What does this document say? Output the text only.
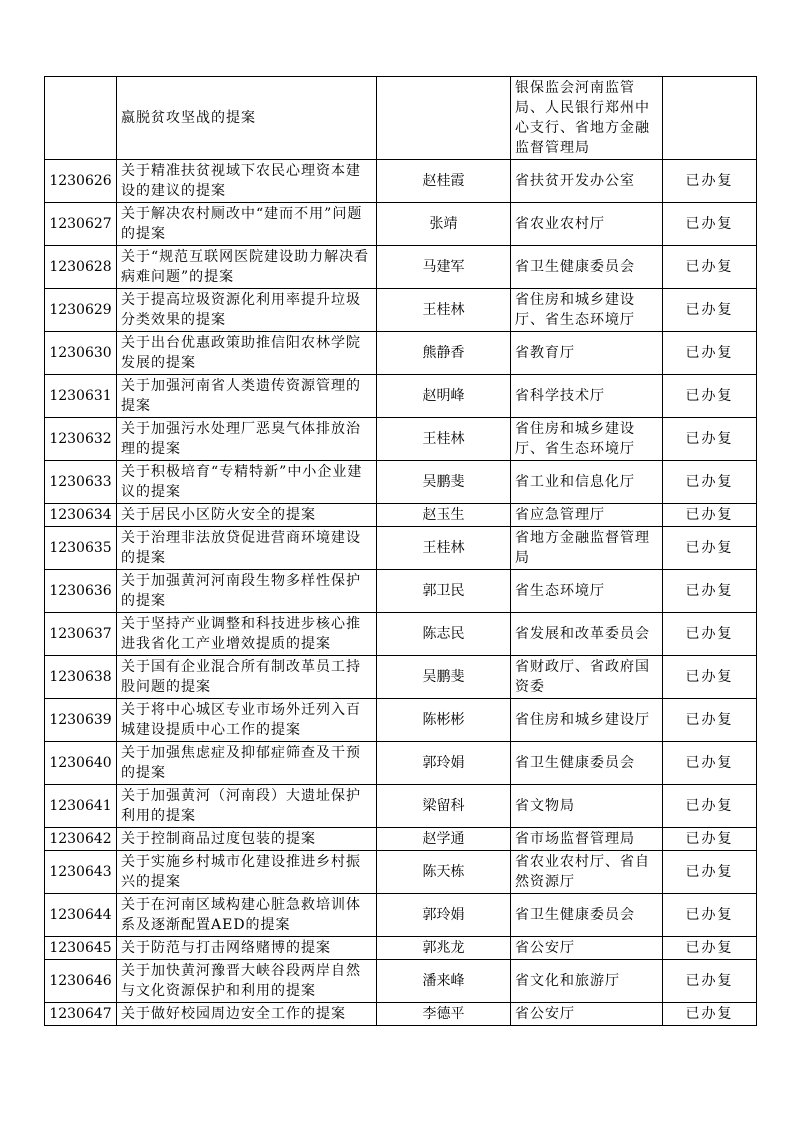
	嬴脱贫攻坚战的提案		银保监会河南监管局、人民银行郑州中心支行、省地方金融监督管理局	
1230626	关于精准扶贫视域下农民心理资本建设的建议的提案	赵桂霞	省扶贫开发办公室	已办复
1230627	关于解决农村厕改中“建而不用”问题的提案	张靖	省农业农村厅	已办复
1230628	关于“规范互联网医院建设助力解决看病难问题”的提案	马建军	省卫生健康委员会	已办复
1230629	关于提高垃圾资源化利用率提升垃圾分类效果的提案	王桂林	省住房和城乡建设厅、省生态环境厅	已办复
1230630	关于出台优惠政策助推信阳农林学院发展的提案	熊静香	省教育厅	已办复
1230631	关于加强河南省人类遗传资源管理的提案	赵明峰	省科学技术厅	已办复
1230632	关于加强污水处理厂恶臭气体排放治理的提案	王桂林	省住房和城乡建设厅、省生态环境厅	已办复
1230633	关于积极培育“专精特新”中小企业建议的提案	吴鹏斐	省工业和信息化厅	已办复
1230634	关于居民小区防火安全的提案	赵玉生	省应急管理厅	已办复
1230635	关于治理非法放贷促进营商环境建设的提案	王桂林	省地方金融监督管理局	已办复
1230636	关于加强黄河河南段生物多样性保护的提案	郭卫民	省生态环境厅	已办复
1230637	关于坚持产业调整和科技进步核心推进我省化工产业增效提质的提案	陈志民	省发展和改革委员会	已办复
1230638	关于国有企业混合所有制改革员工持股问题的提案	吴鹏斐	省财政厅、省政府国资委	已办复
1230639	关于将中心城区专业市场外迁列入百城建设提质中心工作的提案	陈彬彬	省住房和城乡建设厅	已办复
1230640	关于加强焦虑症及抑郁症筛查及干预的提案	郭玲娟	省卫生健康委员会	已办复
1230641	关于加强黄河（河南段）大遗址保护利用的提案	梁留科	省文物局	已办复
1230642	关于控制商品过度包装的提案	赵学通	省市场监督管理局	已办复
1230643	关于实施乡村城市化建设推进乡村振兴的提案	陈天栋	省农业农村厅、省自然资源厅	已办复
1230644	关于在河南区域构建心脏急救培训体系及逐渐配置AED的提案	郭玲娟	省卫生健康委员会	已办复
1230645	关于防范与打击网络赌博的提案	郭兆龙	省公安厅	已办复
1230646	关于加快黄河豫晋大峡谷段两岸自然与文化资源保护和利用的提案	潘来峰	省文化和旅游厅	已办复
1230647	关于做好校园周边安全工作的提案	李德平	省公安厅	已办复
